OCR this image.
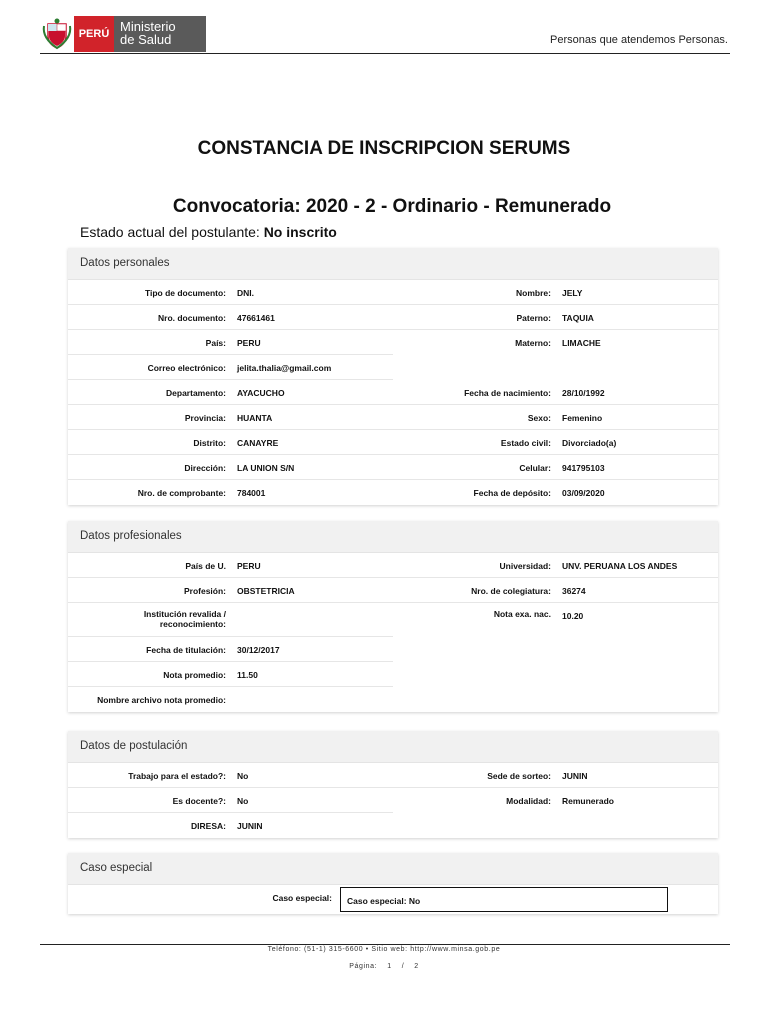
PERÚ Ministerio
de Salud	Personas que atendemos Personas.
CONSTANCIA DE INSCRIPCION SERUMS
Convocatoria: 2020 - 2 - Ordinario - Remunerado
Estado actual del postulante: No inscrito
Datos personales
Tipo de documento: DNI.	Nombre: JELY
Nro. documento: 47661461	Paterno: TAQUIA
País: PERU	Materno: LIMACHE
Correo electrónico: jelita.thalia@gmail.com
Departamento: AYACUCHO	Fecha de nacimiento: 28/10/1992
Provincia: HUANTA	Sexo: Femenino
Distrito: CANAYRE	Estado civil: Divorciado(a)
Dirección: LA UNION S/N	Celular: 941795103
Nro. de comprobante: 784001	Fecha de depósito: 03/09/2020
Datos profesionales
País de U. PERU	Universidad: UNV. PERUANA LOS ANDES
Profesión: OBSTETRICIA	Nro. de colegiatura: 36274
Institución revalida / reconocimiento:
Nota exa. nac. 10.20
Fecha de titulación: 30/12/2017
Nota promedio: 11.50
Nombre archivo nota promedio:
Datos de postulación
Trabajo para el estado?: No	Sede de sorteo: JUNIN
Es docente?: No	Modalidad: Remunerado
DIRESA: JUNIN
Caso especial
Caso especial:	Caso especial: No
Teléfono: (51-1) 315-6600 • Sitio web: http://www.minsa.gob.pe
Página: 1 / 2
